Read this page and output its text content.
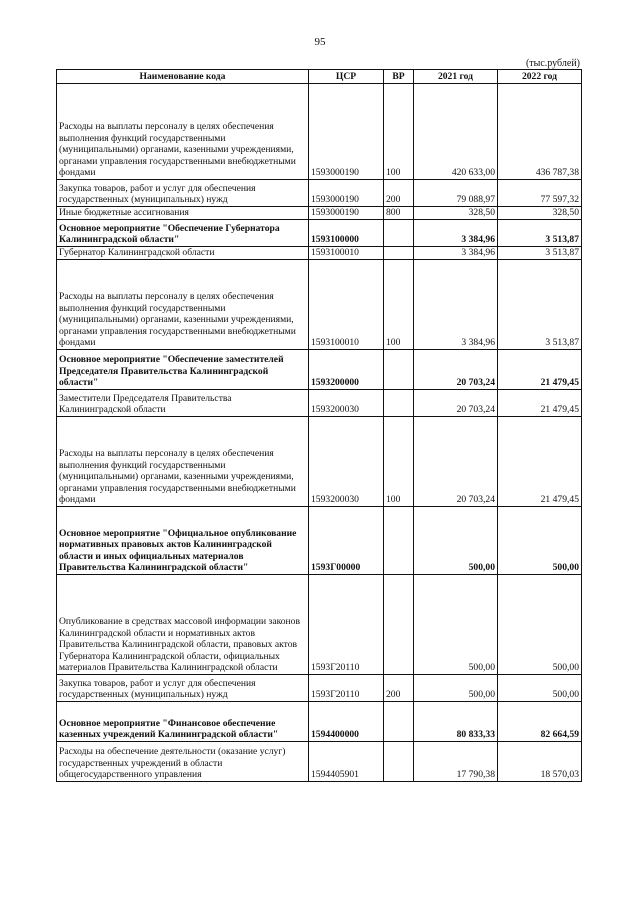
95
(тыс.рублей)
Наименование кода	ЦСР	ВР	2021 год	2022 год
Расходы на выплаты персоналу в целях обеспечения выполнения функций государственными (муниципальными) органами, казенными учреждениями, органами управления государственными внебюджетными фондами	1593000190	100	420 633,00	436 787,38
Закупка товаров, работ и услуг для обеспечения государственных (муниципальных) нужд	1593000190	200	79 088,97	77 597,32
Иные бюджетные ассигнования	1593000190	800	328,50	328,50
Основное мероприятие "Обеспечение Губернатора Калининградской области"	1593100000		3 384,96	3 513,87
Губернатор Калининградской области	1593100010		3 384,96	3 513,87
Расходы на выплаты персоналу в целях обеспечения выполнения функций государственными (муниципальными) органами, казенными учреждениями, органами управления государственными внебюджетными фондами	1593100010	100	3 384,96	3 513,87
Основное мероприятие "Обеспечение заместителей Председателя Правительства Калининградской области"	1593200000		20 703,24	21 479,45
Заместители Председателя Правительства Калининградской области	1593200030		20 703,24	21 479,45
Расходы на выплаты персоналу в целях обеспечения выполнения функций государственными (муниципальными) органами, казенными учреждениями, органами управления государственными внебюджетными фондами	1593200030	100	20 703,24	21 479,45
Основное мероприятие "Официальное опубликование нормативных правовых актов Калининградской области и иных официальных материалов Правительства Калининградской области"	1593Г00000		500,00	500,00
Опубликование в средствах массовой информации законов Калининградской области и нормативных актов Правительства Калининградской области, правовых актов Губернатора Калининградской области, официальных материалов Правительства Калининградской области	1593Г20110		500,00	500,00
Закупка товаров, работ и услуг для обеспечения государственных (муниципальных) нужд	1593Г20110	200	500,00	500,00
Основное мероприятие "Финансовое обеспечение казенных учреждений Калининградской области"	1594400000		80 833,33	82 664,59
Расходы на обеспечение деятельности (оказание услуг) государственных учреждений в области общегосударственного управления	1594405901		17 790,38	18 570,03
